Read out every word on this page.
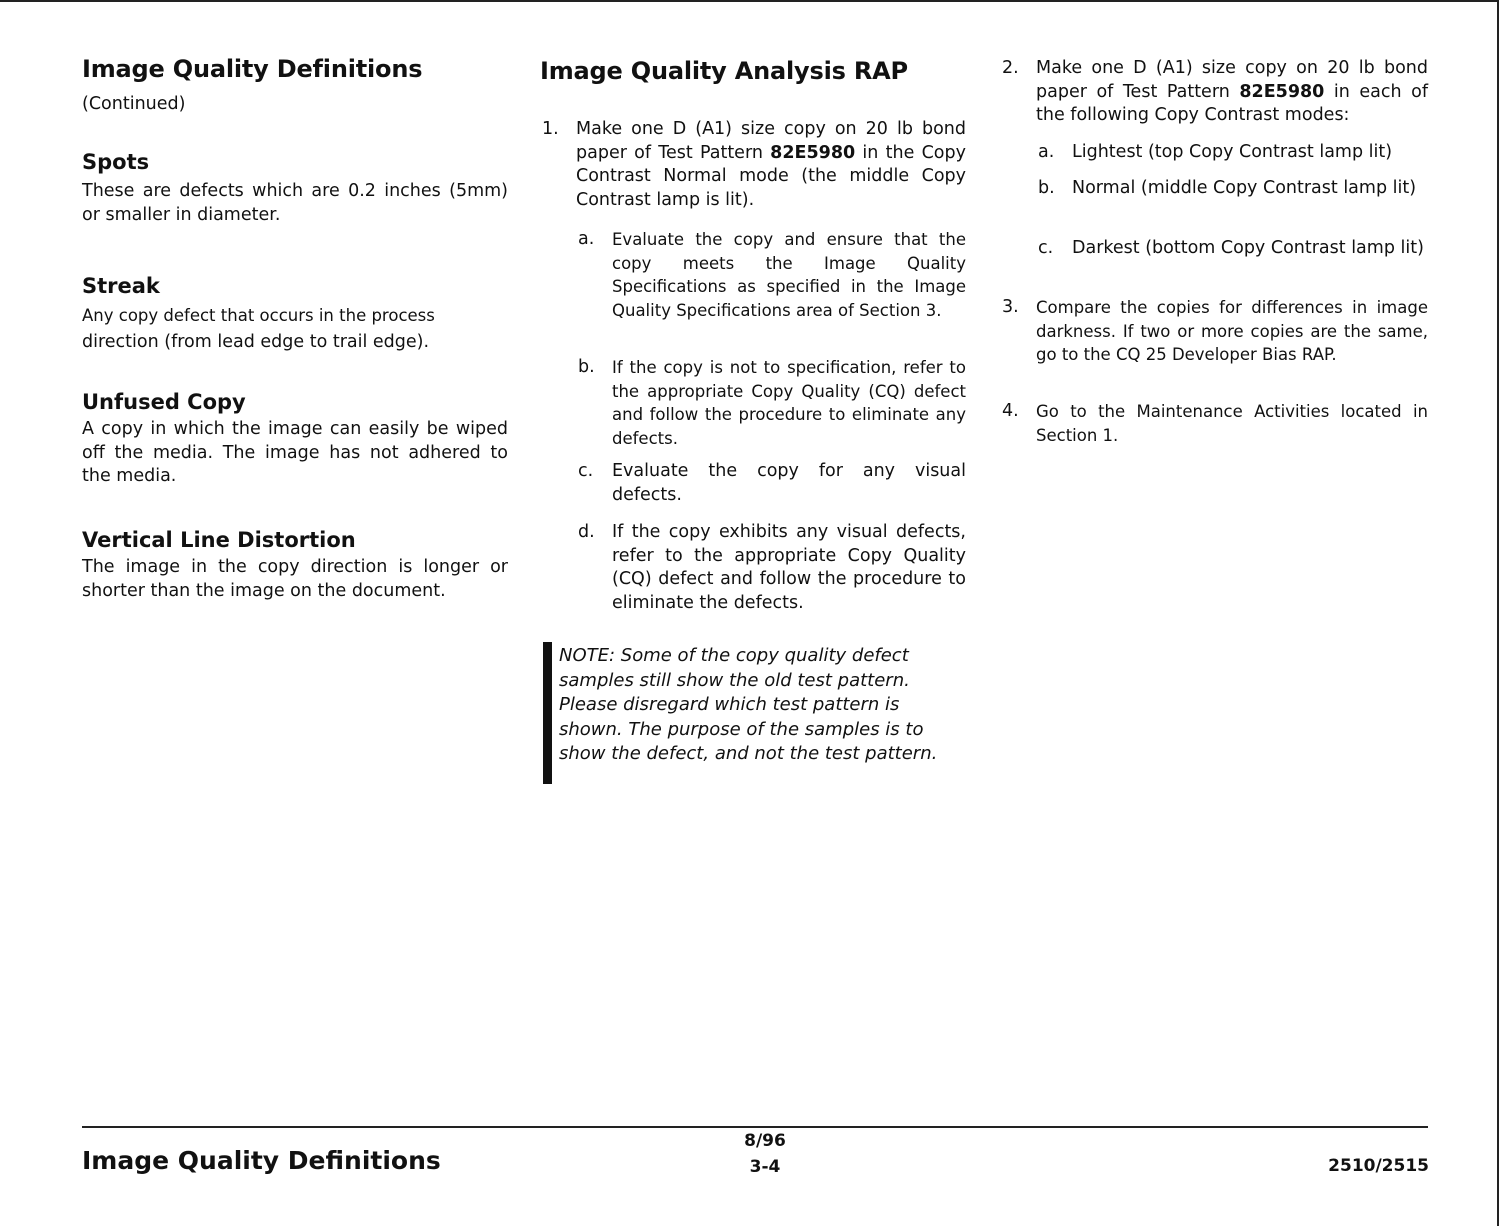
Image Quality Definitions
(Continued)
Spots
These are defects which are 0.2 inches (5mm) or smaller in diameter.
Streak
Any copy defect that occurs in the process
direction (from lead edge to trail edge).
Unfused Copy
A copy in which the image can easily be wiped off the media. The image has not adhered to the media.
Vertical Line Distortion
The image in the copy direction is longer or shorter than the image on the document.
Image Quality Analysis RAP
1. Make one D (A1) size copy on 20 lb bond paper of Test Pattern 82E5980 in the Copy Contrast Normal mode (the middle Copy Contrast lamp is lit).
a. Evaluate the copy and ensure that the copy meets the Image Quality Specifications as specified in the Image Quality Specifications area of Section 3.
b. If the copy is not to specification, refer to the appropriate Copy Quality (CQ) defect and follow the procedure to eliminate any defects.
c. Evaluate the copy for any visual defects.
d. If the copy exhibits any visual defects, refer to the appropriate Copy Quality (CQ) defect and follow the procedure to eliminate the defects.
NOTE: Some of the copy quality defect
samples still show the old test pattern.
Please disregard which test pattern is
shown. The purpose of the samples is to
show the defect, and not the test pattern.
2. Make one D (A1) size copy on 20 lb bond paper of Test Pattern 82E5980 in each of the following Copy Contrast modes:
a. Lightest (top Copy Contrast lamp lit)
b. Normal (middle Copy Contrast lamp lit)
c. Darkest (bottom Copy Contrast lamp lit)
3. Compare the copies for differences in image darkness. If two or more copies are the same, go to the CQ 25 Developer Bias RAP.
4. Go to the Maintenance Activities located in Section 1.
Image Quality Definitions
8/96
3-4	2510/2515
